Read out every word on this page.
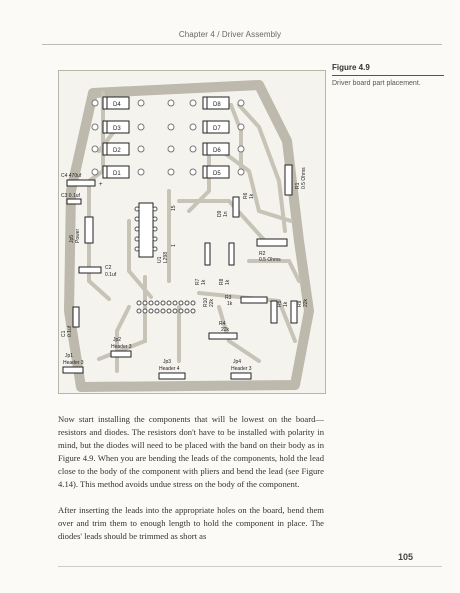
Chapter 4 / Driver Assembly
D4
D3
D2
D1
D8
D7
D6
D5
C4 470uf
+
C3 0.1uf
Jp5 Power
15
1
U1 L298
R7 1k R8 1k
D9 1n
R6 1k
R1 0.5 Ohms
R2
0.5 Ohms
C2
0.1uf
C1 0.1uf
R10 22k
R3
1k
R4
22k
R5 1k R9 22k
Jp1
Header 3
Jp2
Header 3
Jp3
Header 4
Jp4
Header 3
Figure 4.9
Driver board part placement.
Now start installing the components that will be lowest on the board—resistors and diodes. The resistors don't have to be installed with polarity in mind, but the diodes will need to be placed with the band on their body as in Figure 4.9. When you are bending the leads of the components, hold the lead close to the body of the component with pliers and bend the lead (see Figure 4.14). This method avoids undue stress on the body of the component.
After inserting the leads into the appropriate holes on the board, bend them over and trim them to enough length to hold the component in place. The diodes' leads should be trimmed as short as
105
